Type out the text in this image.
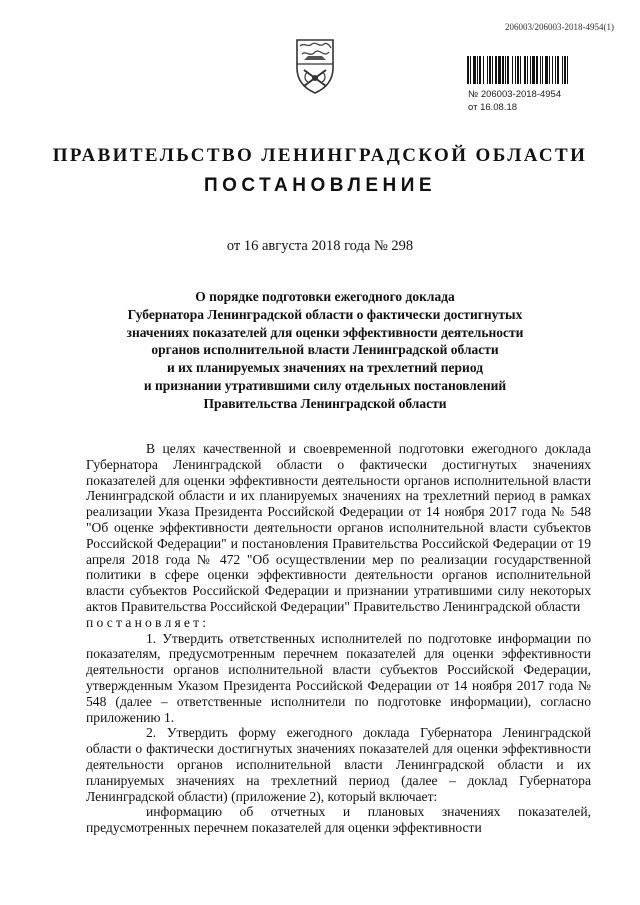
206003/206003-2018-4954(1)
№ 206003-2018-4954
от 16.08.18
ПРАВИТЕЛЬСТВО ЛЕНИНГРАДСКОЙ ОБЛАСТИ
ПОСТАНОВЛЕНИЕ
от 16 августа 2018 года № 298
О порядке подготовки ежегодного доклада
Губернатора Ленинградской области о фактически достигнутых
значениях показателей для оценки эффективности деятельности
органов исполнительной власти Ленинградской области
и их планируемых значениях на трехлетний период
и признании утратившими силу отдельных постановлений
Правительства Ленинградской области

В целях качественной и своевременной подготовки ежегодного доклада Губернатора Ленинградской области о фактически достигнутых значениях показателей для оценки эффективности деятельности органов исполнительной власти Ленинградской области и их планируемых значениях на трехлетний период в рамках реализации Указа Президента Российской Федерации от 14 ноября 2017 года № 548 "Об оценке эффективности деятельности органов исполнительной власти субъектов Российской Федерации" и постановления Правительства Российской Федерации от 19 апреля 2018 года № 472 "Об осуществлении мер по реализации государственной политики в сфере оценки эффективности деятельности органов исполнительной власти субъектов Российской Федерации и признании утратившими силу некоторых актов Правительства Российской Федерации" Правительство Ленинградской области

постановляет:

1. Утвердить ответственных исполнителей по подготовке информации по показателям, предусмотренным перечнем показателей для оценки эффективности деятельности органов исполнительной власти субъектов Российской Федерации, утвержденным Указом Президента Российской Федерации от 14 ноября 2017 года № 548 (далее – ответственные исполнители по подготовке информации), согласно приложению 1.

2. Утвердить форму ежегодного доклада Губернатора Ленинградской области о фактически достигнутых значениях показателей для оценки эффективности деятельности органов исполнительной власти Ленинградской области и их планируемых значениях на трехлетний период (далее – доклад Губернатора Ленинградской области) (приложение 2), который включает:

информацию об отчетных и плановых значениях показателей, предусмотренных перечнем показателей для оценки эффективности
